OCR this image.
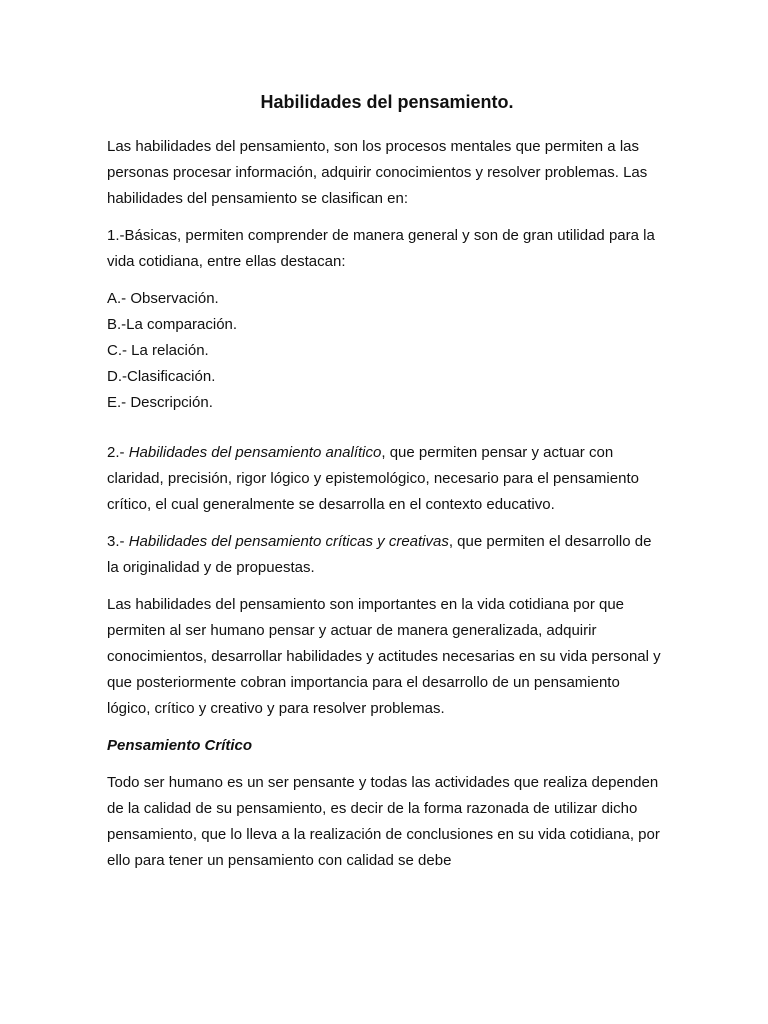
Habilidades del pensamiento.

Las habilidades del pensamiento, son los procesos mentales que permiten a las personas procesar información, adquirir conocimientos y resolver problemas. Las habilidades del pensamiento se clasifican en:

1.-Básicas, permiten comprender de manera general y son de gran utilidad para la vida cotidiana, entre ellas destacan:

A.- Observación.
B.-La comparación.
C.- La relación.
D.-Clasificación.
E.- Descripción.

2.- Habilidades del pensamiento analítico, que permiten pensar y actuar con claridad, precisión, rigor lógico y epistemológico, necesario para el pensamiento crítico, el cual generalmente se desarrolla en el contexto educativo.

3.- Habilidades del pensamiento críticas y creativas, que permiten el desarrollo de la originalidad y de propuestas.

Las habilidades del pensamiento son importantes en la vida cotidiana por que permiten al ser humano pensar y actuar de manera generalizada, adquirir conocimientos, desarrollar habilidades y actitudes necesarias en su vida personal y que posteriormente cobran importancia para el desarrollo de un pensamiento lógico, crítico y creativo y para resolver problemas.

Pensamiento Crítico

Todo ser humano es un ser pensante y todas las actividades que realiza dependen de la calidad de su pensamiento, es decir de la forma razonada de utilizar dicho pensamiento, que lo lleva a la realización de conclusiones en su vida cotidiana, por ello para tener un pensamiento con calidad se debe
